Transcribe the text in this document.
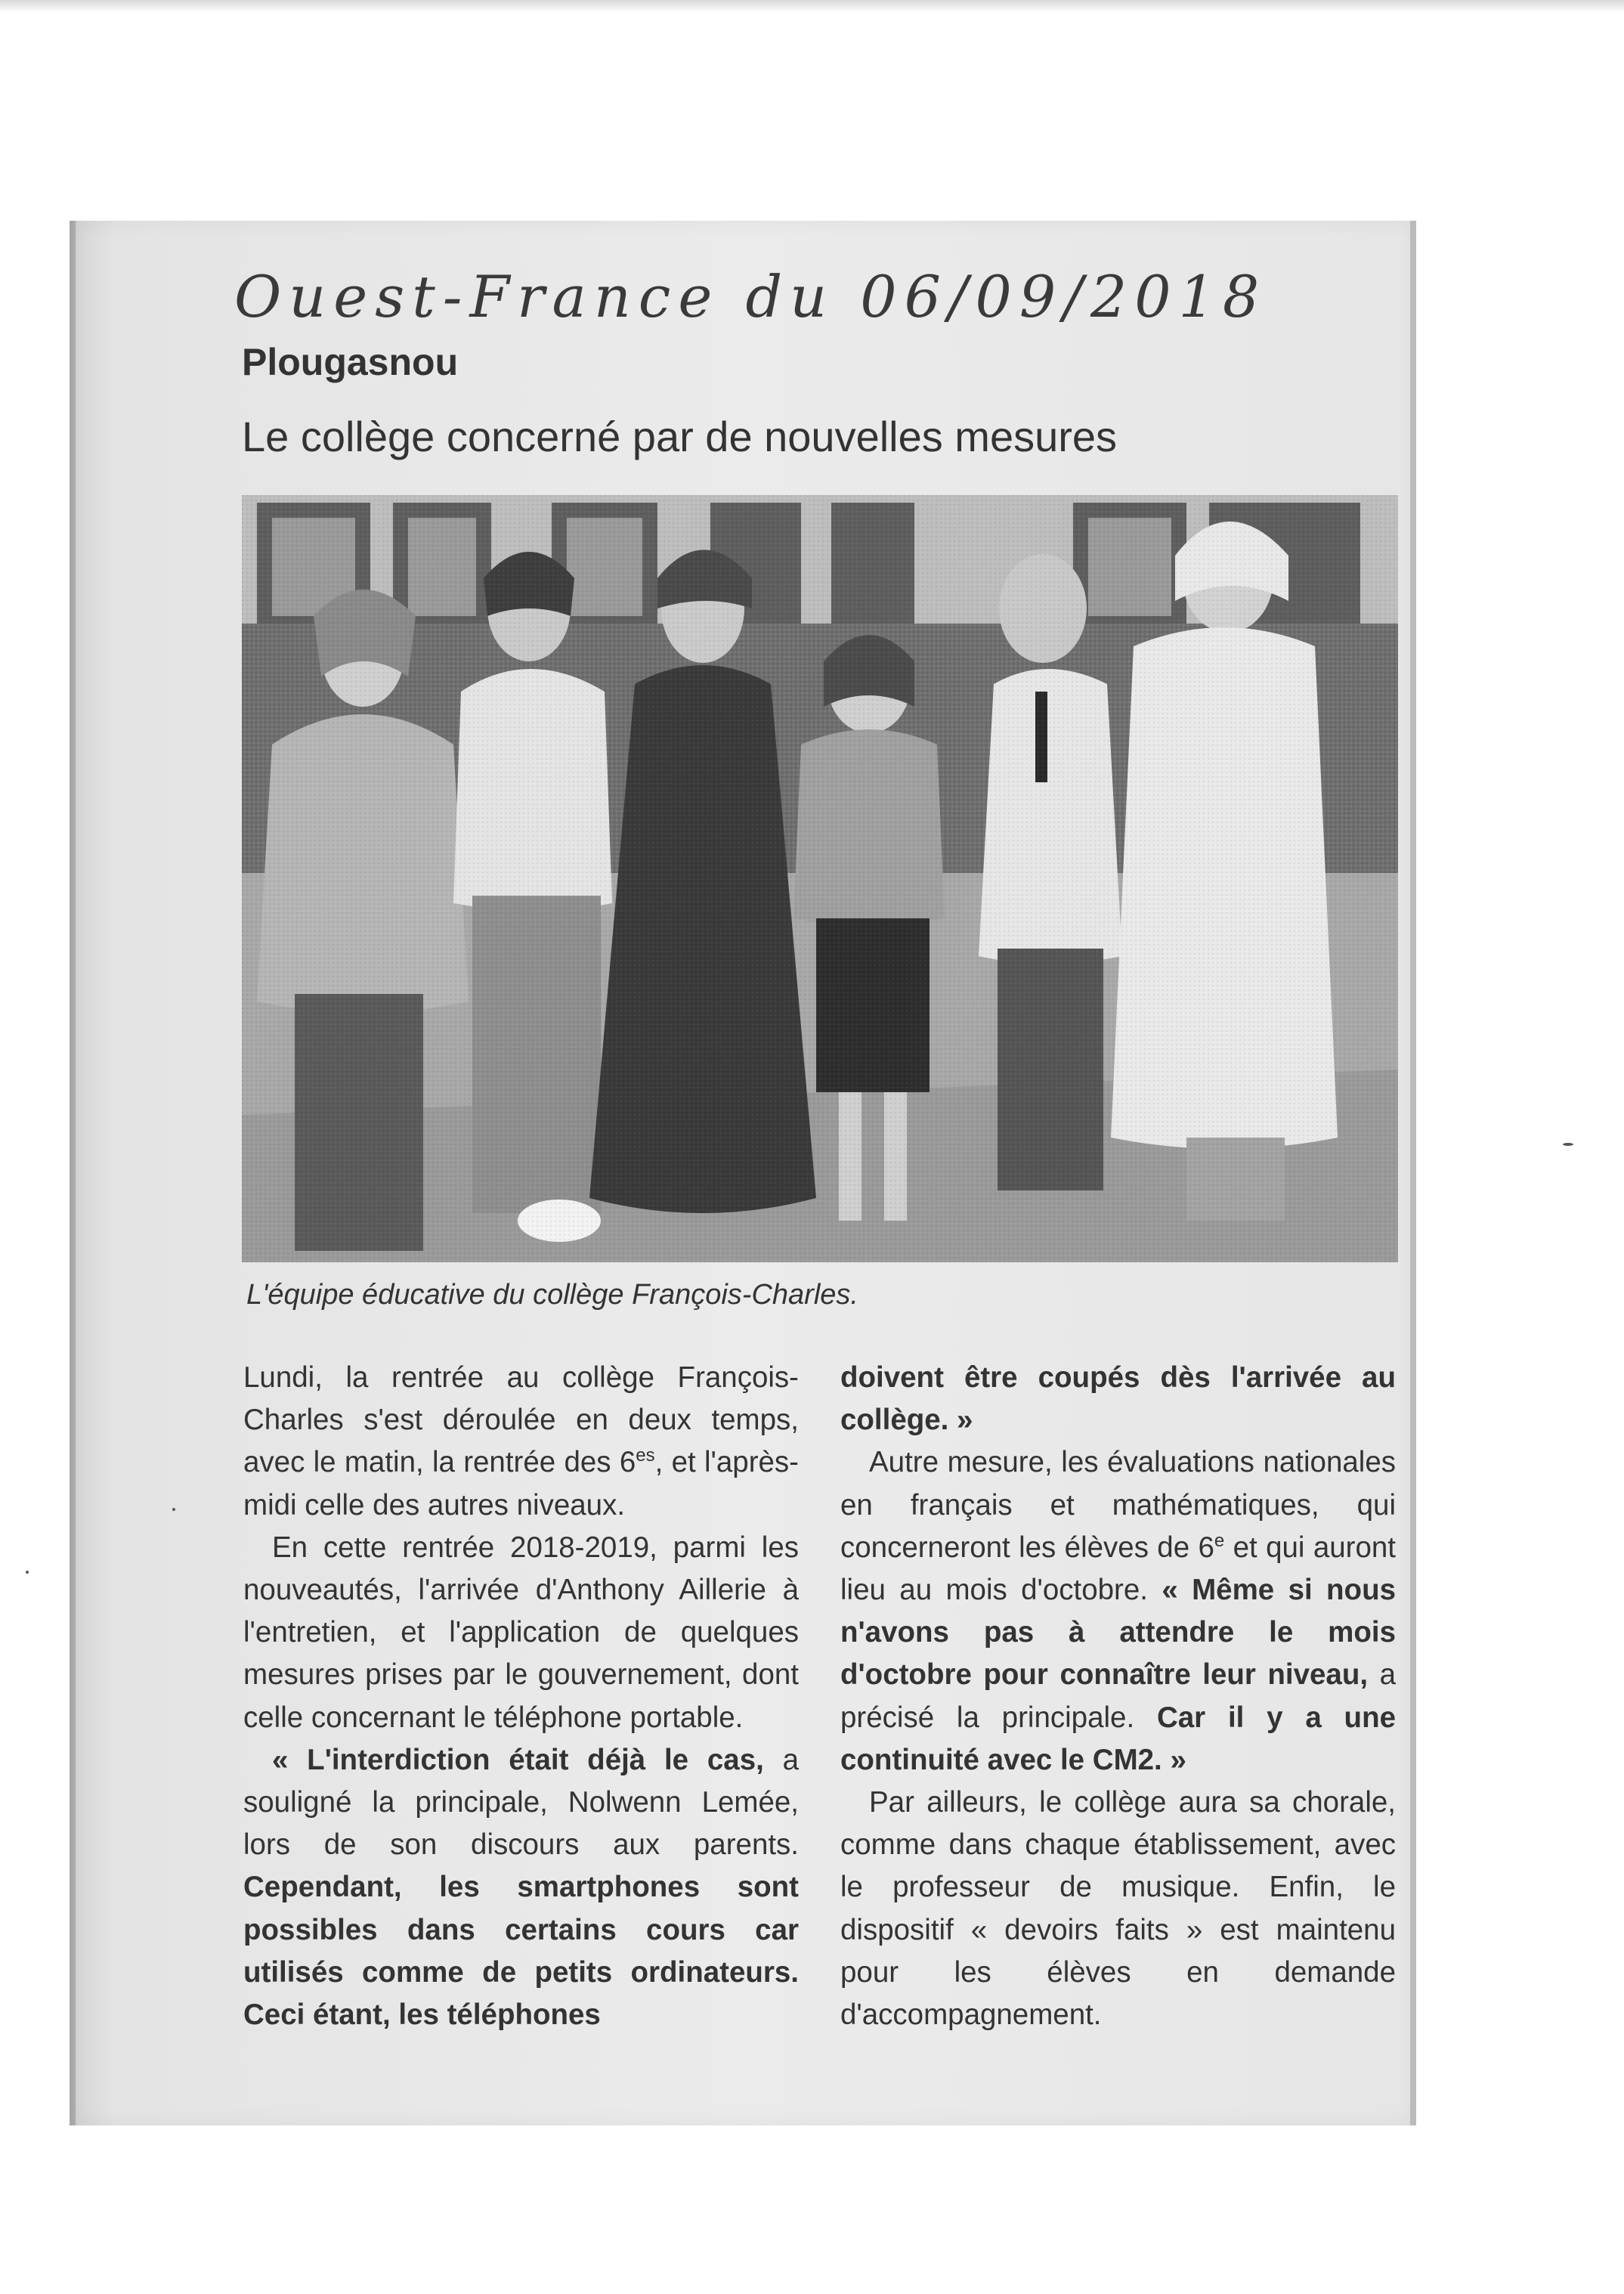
Ouest-France du 06/09/2018
Plougasnou
Le collège concerné par de nouvelles mesures
L'équipe éducative du collège François-Charles.

Lundi, la rentrée au collège François-Charles s'est déroulée en deux temps, avec le matin, la rentrée des $6^{es}$, et l'après-midi celle des autres niveaux.

En cette rentrée 2018-2019, parmi les nouveautés, l'arrivée d'Anthony Aillerie à l'entretien, et l'application de quelques mesures prises par le gouvernement, dont celle concernant le téléphone portable.

« L'interdiction était déjà le cas, a souligné la principale, Nolwenn Lemée, lors de son discours aux parents. Cependant, les smartphones sont possibles dans certains cours car utilisés comme de petits ordinateurs. Ceci étant, les téléphones

doivent être coupés dès l'arrivée au collège. »

Autre mesure, les évaluations nationales en français et mathématiques, qui concerneront les élèves de 6e et qui auront lieu au mois d'octobre. « Même si nous n'avons pas à attendre le mois d'octobre pour connaître leur niveau, a précisé la principale. Car il y a une continuité avec le CM2. »

Par ailleurs, le collège aura sa chorale, comme dans chaque établissement, avec le professeur de musique. Enfin, le dispositif « devoirs faits » est maintenu pour les élèves en demande d'accompagnement.
